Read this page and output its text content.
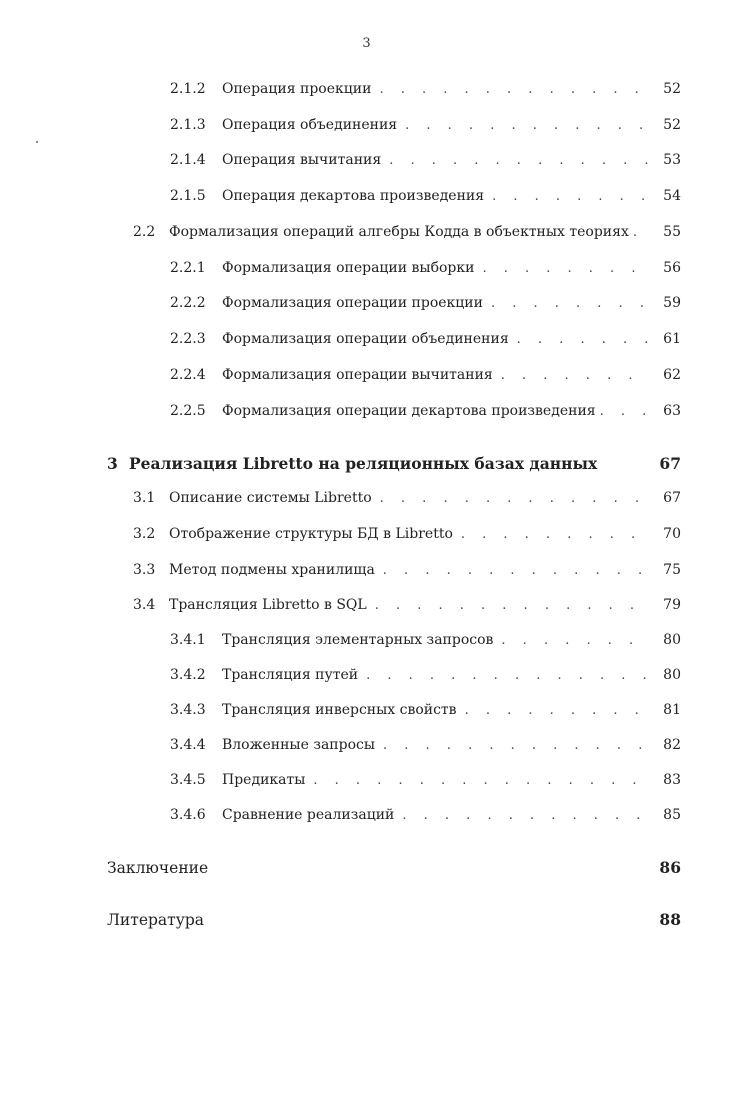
3
2.1.2	Операция проекции . . .	52
2.1.3	Операция объединения . . .	52
2.1.4	Операция вычитания . . .	53
2.1.5	Операция декартова произведения . . .	54
2.2 Формализация операций алгебры Кодда в объектных теориях . . .	55
2.2.1	Формализация операции выборки . . .	56
2.2.2	Формализация операции проекции . . .	59
2.2.3	Формализация операции объединения . . .	61
2.2.4	Формализация операции вычитания . . .	62
2.2.5	Формализация операции декартова произведения . . .	63
3 Реализация Libretto на реляционных базах данных	67
3.1 Описание системы Libretto . . .	67
3.2 Отображение структуры БД в Libretto . . .	70
3.3 Метод подмены хранилища . . .	75
3.4 Трансляция Libretto в SQL . . .	79
3.4.1	Трансляция элементарных запросов . . .	80
3.4.2	Трансляция путей . . .	80
3.4.3	Трансляция инверсных свойств . . .	81
3.4.4	Вложенные запросы . . .	82
3.4.5	Предикаты . . .	83
3.4.6	Сравнение реализаций . . .	85
Заключение	86
Литература	88
